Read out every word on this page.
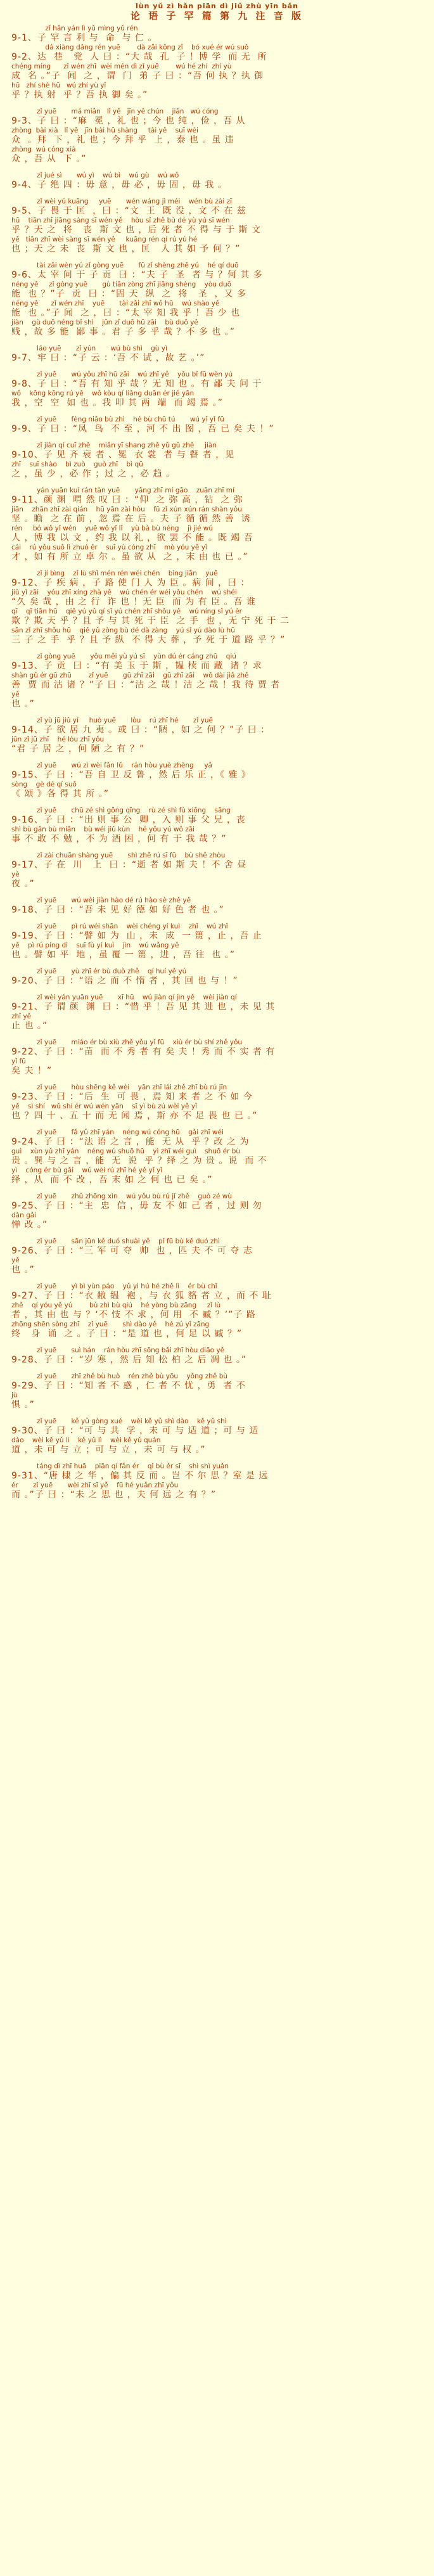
lùn yǔ zì hǎn piān dì jiǔ zhù yīn bǎn
论 语 子 罕 篇 第 九 注 音 版
zǐ hǎn yán lì yǔ mìng yǔ rén
9-1、子 罕 言 利 与  命  与 仁 。
dá xiàng dǎng rén yuē        dà zāi kǒng zǐ    bó xué ér wú suǒ
9-2、达  巷   党  人 曰 ：“大 哉  孔  子 ！博 学  而 无  所
chéng míng      zǐ wén zhī  wèi mén dì zǐ yuē        wú hé zhí  zhí yù
成  名 。”子  闻  之 ，谓  门  弟 子 曰 ：“吾 何 执 ？执 御
hū   zhí shè hū   wú zhí yù yǐ
乎 ？执 射  乎 ？吾 执 御 矣 。”
zǐ yuē       má miǎn   lǐ yě   jīn yě chún    jiǎn   wú cóng
9-3、子 曰 ：“麻  冕 ，礼 也 ；今 也 纯 ，俭 ，吾 从
zhòng  bài xià   lǐ yě   jīn bài hū shàng     tài yě    suī wéi
众  。拜  下 ，礼 也 ；今 拜 乎  上 ，泰 也 。虽 违
zhòng  wú cóng xià
众 ，吾 从  下 。”
zǐ jué sì       wú yì    wú bì    wú gù    wú wǒ
9-4、子 绝 四 ：毋 意 ，毋 必 ，毋 固 ，毋 我 。
zǐ wèi yú kuāng     yuē       wén wáng jì méi    wén bù zài zī
9-5、子 畏 于 匡  ，曰 ：“文  王  既 没 ，文 不 在 兹
hū    tiān zhī jiāng sàng sī wén yě    hòu sǐ zhě bù dé yù yú sī wén
乎 ？天 之  将   丧  斯 文 也 ，后 死 者 不 得 与 于 斯 文
yě   tiān zhī wèi sàng sī wén yě     kuāng rén qí rú yú hé
也 ；天 之 未  丧  斯 文 也 ，匡   人 其 如 予 何 ？”
tài zǎi wèn yú zǐ gòng yuē       fū zǐ shèng zhě yú    hé qí duō
9-6、太 宰 问 于 子 贡  曰 ：“夫 子  圣  者 与 ？何 其 多
néng yě     zǐ gòng yuē       gù tiān zòng zhī jiāng shèng    yòu duō
能  也 ？”子  贡  曰 ：“固 天  纵  之  将   圣  ，又 多
néng yě      zǐ wén zhī    yuē       tài zǎi zhī wǒ hū    wú shào yě
能  也 。”子 闻  之 ，曰 ：“太 宰 知 我 乎 ！吾 少 也
jiàn    gù duō néng bǐ shì    jūn zǐ duō hū zāi    bù duō yě
贱 ，故 多 能  鄙 事 。君 子 多 乎 哉 ？不 多 也 。”
láo yuē       zǐ yún       wú bù shì    gù yì
9-7、牢 曰 ：“子 云 ：‘吾 不 试 ，故 艺 。’”
zǐ yuē       wú yǒu zhī hū zāi    wú zhī yě    yǒu bǐ fū wèn yú
9-8、子 曰 ：“吾 有 知 乎 哉 ？无 知 也 。有 鄙 夫 问 于
wǒ    kōng kōng rú yě    wǒ kòu qí liǎng duān ér jié yān
我 ，空  空  如 也 。我 叩 其 两  端  而 竭 焉 。”
zǐ yuē       fèng niǎo bù zhì    hé bù chū tú       wú yǐ yǐ fū
9-9、子 曰 ：“凤  鸟  不 至 ，河 不 出 图 ，吾 已 矣 夫 ！”
zǐ jiàn qí cuī zhě    miǎn yī shang zhě yǔ gǔ zhě     jiàn
9-10、子 见 齐 衰 者 、冕  衣 裳  者 与 瞽 者 ，见
zhī    suī shào    bì zuò    guò zhī    bì qū
之 ，虽 少 ，必 作 ；过 之 ，必 趋 。
yán yuān kuì rán tàn yuē       yǎng zhī mí gāo    zuān zhī mí
9-11、颜 渊  喟 然 叹 曰 ：“仰  之 弥 高 ，钻  之 弥
jiān    zhān zhī zài qián    hū yān zài hòu    fū zǐ xún xún rán shàn yòu
坚 。瞻  之 在 前 ，忽 焉 在 后 。夫 子 循 循 然 善  诱
rén     bó wǒ yǐ wén    yuē wǒ yǐ lǐ    yù bà bù néng    jì jié wú
人 ，博 我 以 文 ，约 我 以 礼 ，欲 罢 不 能 。既 竭 吾
cái    rú yǒu suǒ lì zhuó ěr    suī yù cóng zhī    mò yóu yě yǐ
才 ，如 有 所 立 卓 尔 。虽 欲 从  之 ，末 由 也 已 。”
zǐ jí bìng    zǐ lù shǐ mén rén wéi chén    bìng jiān    yuē
9-12、子 疾 病 ，子 路 使 门 人 为 臣 。病 间 ，曰 ：
jiǔ yǐ zāi    yóu zhī xíng zhà yě    wú chén ér wéi yǒu chén    wú shéi
“久 矣 哉 ，由 之 行  诈 也 ！无 臣  而 为 有 臣 。吾 谁
qī    qī tiān hū    qiě yú yǔ qí sǐ yú chén zhī shǒu yě    wú níng sǐ yú èr
欺 ？欺 天 乎 ？且 予 与 其 死 于 臣  之 手  也 ，无 宁 死 于 二
sān zǐ zhī shǒu hū    qiě yǔ zòng bù dé dà zàng    yú sǐ yú dào lù hū
三 子 之 手  乎 ？且 予 纵  不 得 大 葬 ，予 死 于 道 路 乎 ？”
zǐ gòng yuē       yǒu měi yù yú sī    yùn dú ér cáng zhū    qiú
9-13、子 贡  曰 ：“有 美 玉 于 斯 ，韫 椟 而 藏  诸 ？求
shàn gǔ ér gū zhū        zǐ yuē       gū zhī zāi    gū zhī zāi    wǒ dài jiǎ zhě
善  贾 而 沽 诸 ？”子 曰 ：“沽 之 哉 ！沽 之 哉 ！我 待 贾 者
yě
也 。”
zǐ yù jū jiǔ yí     huò yuē       lòu    rú zhī hé       zǐ yuē
9-14、子 欲 居 九 夷 。或 曰 ：“陋 ，如 之 何 ？”子 曰 ：
jūn zǐ jū zhī    hé lòu zhī yǒu
“君 子 居 之 ，何 陋 之 有 ？”
zǐ yuē       wú zì wèi fǎn lǔ    rán hòu yuè zhèng     yǎ
9-15、子 曰 ：“吾 自 卫 反 鲁 ，然 后 乐 正 ，《 雅 》
sòng    gè dé qí suǒ
《 颂 》各 得 其 所 。”
zǐ yuē       chū zé shì gōng qīng    rù zé shì fù xiōng    sāng
9-16、子 曰 ：“出 则 事 公  卿 ，入 则 事 父 兄 ，丧
shì bù gǎn bù miǎn    bù wéi jiǔ kùn    hé yǒu yú wǒ zāi
事 不 敢 不 勉 ，不 为 酒 困 ，何 有 于 我 哉 ？”
zǐ zài chuān shàng yuē       shì zhě rú sī fū    bù shě zhòu
9-17、子 在  川   上  曰 ：“逝 者 如 斯 夫 ！不 舍 昼
yè
夜 。”
zǐ yuē       wú wèi jiàn hào dé rú hào sè zhě yě
9-18、子 曰 ：“吾 未 见 好 德 如 好 色 者 也 。”
zǐ yuē       pì rú wéi shān    wèi chéng yí kuì    zhǐ    wú zhǐ
9-19、子 曰 ：“譬 如 为  山 ，未  成  一 篑 ，止 ，吾 止
yě    pì rú píng dì    suī fù yí kuì    jìn    wú wǎng yě
也 。譬 如 平  地 ，虽 覆 一 篑 ，进 ，吾 往  也 。”
zǐ yuē       yù zhī ér bù duò zhě    qí huí yě yú
9-20、子 曰 ：“语 之 而 不 惰 者 ，其 回 也 与 ！”
zǐ wèi yán yuān yuē       xī hū    wú jiàn qí jìn yě    wèi jiàn qí
9-21、子 谓 颜  渊  曰 ：“惜 乎 ！吾 见 其 进 也 ，未 见 其
zhǐ yě
止 也 。”
zǐ yuē       miáo ér bù xiù zhě yǒu yǐ fū    xiù ér bù shí zhě yǒu
9-22、子 曰 ：“苗  而 不 秀 者 有 矣 夫 ！秀 而 不 实 者 有
yǐ fū
矣 夫 ！”
zǐ yuē       hòu shēng kě wèi    yān zhī lái zhě zhī bù rú jīn
9-23、子 曰 ：“后  生  可 畏 ，焉 知 来 者 之 不 如 今
yě    sì shí   wǔ shí ér wú wén yān    sī yì bù zú wèi yě yǐ
也 ？四 十 、五 十 而 无 闻 焉 ，斯 亦 不 足 畏 也 已 。”
zǐ yuē       fǎ yǔ zhī yán    néng wú cóng hū    gǎi zhī wéi
9-24、子 曰 ：“法 语 之 言 ，能  无 从  乎 ？改 之 为
guì    xùn yǔ zhī yán    néng wú shuō hū    yì zhī wéi guì    shuō ér bù
贵 。巽 与 之 言 ，能  无  说  乎 ？绎 之 为 贵 。说  而 不
yì    cóng ér bù gǎi    wú wèi rú zhī hé yě yǐ yǐ
绎 ，从  而 不 改 ，吾 末 如 之 何 也 已 矣 。”
zǐ yuē       zhǔ zhōng xìn    wú yǒu bù rú jǐ zhě    guò zé wù
9-25、子 曰 ：“主  忠  信 ，毋 友 不 如 己 者 ，过 则 勿
dàn gǎi
惮 改 。”
zǐ yuē       sān jūn kě duó shuài yě    pǐ fū bù kě duó zhì
9-26、子 曰 ：“三 军 可 夺  帅  也 ，匹 夫 不 可 夺 志
yě
也 。”
zǐ yuē       yì bì yùn páo    yǔ yì hú hé zhě lì    ér bù chǐ
9-27、子 曰 ：“衣 敝 缊  袍 ，与 衣 狐 貉 者 立 ，而 不 耻
zhě    qí yóu yě yú        bù zhì bù qiú    hé yòng bù zāng     zǐ lù
者 ，其 由 也 与 ？‘不 忮 不 求 ，何 用  不 臧 ？’”子 路
zhōng shēn sòng zhī    zǐ yuē       shì dào yě    hé zú yǐ zāng
终   身  诵  之 。子 曰 ：“是 道 也 ，何 足 以 臧 ？”
zǐ yuē       suì hán    rán hòu zhī sōng bǎi zhī hòu diāo yě
9-28、子 曰 ：“岁 寒 ，然 后 知 松 柏 之 后 凋 也 。”
zǐ yuē       zhī zhě bù huò    rén zhě bù yōu    yǒng zhě bù
9-29、子 曰 ：“知 者 不 惑 ，仁 者 不 忧 ，勇  者 不
jù
惧 。”
zǐ yuē       kě yǔ gòng xué    wèi kě yǔ shì dào    kě yǔ shì
9-30、子 曰 ：“可 与 共  学 ，未 可 与 适 道 ；可 与 适
dào    wèi kě yǔ lì    kě yǔ lì    wèi kě yǔ quán
道 ，未 可 与 立 ；可 与 立 ，未 可 与 权 。”
táng dì zhī huā    piān qí fǎn ér    qǐ bù ěr sī    shì shì yuǎn
9-31、“唐 棣 之 华 ，偏 其 反 而 。岂 不 尔 思 ？室 是 远
ér       zǐ yuē       wèi zhī sī yě    fū hé yuǎn zhī yǒu
而 。”子 曰 ：“未 之 思 也 ，夫 何 远 之 有 ？”
